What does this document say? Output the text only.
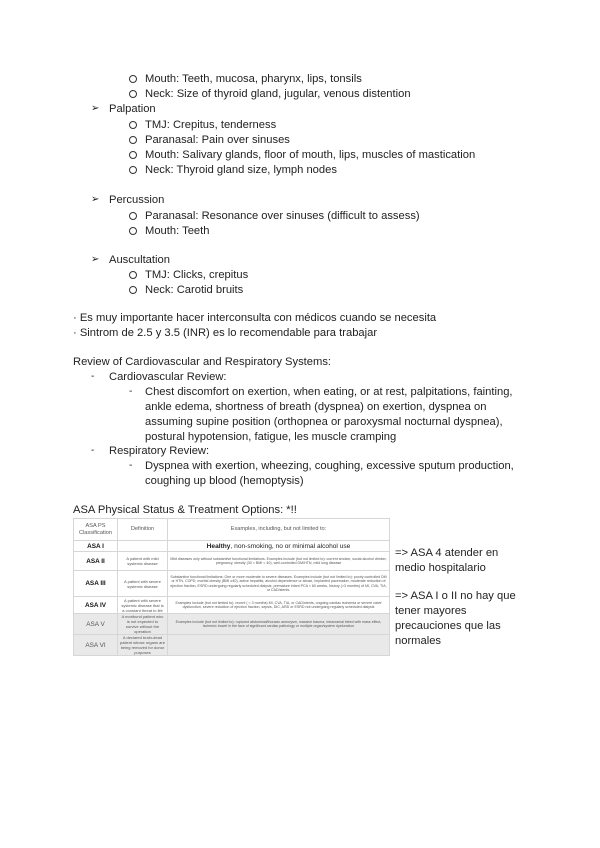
Mouth: Teeth, mucosa, pharynx, lips, tonsils
Neck: Size of thyroid gland, jugular, venous distention
➢ Palpation
TMJ: Crepitus, tenderness
Paranasal: Pain over sinuses
Mouth: Salivary glands, floor of mouth, lips, muscles of mastication
Neck: Thyroid gland size, lymph nodes
➢ Percussion
Paranasal: Resonance over sinuses (difficult to assess)
Mouth: Teeth
➢ Auscultation
TMJ: Clicks, crepitus
Neck: Carotid bruits
· Es muy importante hacer interconsulta con médicos cuando se necesita
· Sintrom de 2.5 y 3.5 (INR) es lo recomendable para trabajar
Review of Cardiovascular and Respiratory Systems:
- Cardiovascular Review:
- Chest discomfort on exertion, when eating, or at rest, palpitations, fainting,
ankle edema, shortness of breath (dyspnea) on exertion, dyspnea on
assuming supine position (orthopnea or paroxysmal nocturnal dyspnea),
postural hypotension, fatigue, les muscle cramping
- Respiratory Review:
- Dyspnea with exertion, wheezing, coughing, excessive sputum production,
coughing up blood (hemoptysis)
ASA Physical Status & Treatment Options: *!!
ASA PS Classification	Definition	Examples, including, but not limited to:
ASA I		Healthy, non-smoking, no or minimal alcohol use
ASA II	A patient with mild systemic disease	Mild diseases only without substantive functional limitations. Examples include (but not limited to): current smoker, social alcohol drinker, pregnancy, obesity (30 < BMI < 40), well-controlled DM/HTN, mild lung disease
ASA III	A patient with severe systemic disease	Substantive functional limitations; One or more moderate to severe diseases. Examples include (but not limited to): poorly controlled DM or HTN, COPD, morbid obesity (BMI ≥40), active hepatitis, alcohol dependence or abuse, implanted pacemaker, moderate reduction of ejection fraction, ESRD undergoing regularly scheduled dialysis, premature infant PCA < 60 weeks, history (>3 months) of MI, CVA, TIA, or CAD/stents.
ASA IV	A patient with severe systemic disease that is a constant threat to life	Examples include (but not limited to): recent ( < 3 months) MI, CVA, TIA, or CAD/stents, ongoing cardiac ischemia or severe valve dysfunction, severe reduction of ejection fraction, sepsis, DIC, ARD or ESRD not undergoing regularly scheduled dialysis
ASA V	A moribund patient who is not expected to survive without the operation	Examples include (but not limited to): ruptured abdominal/thoracic aneurysm, massive trauma, intracranial bleed with mass effect, ischemic bowel in the face of significant cardiac pathology or multiple organ/system dysfunction
ASA VI	A declared brain-dead patient whose organs are being removed for donor purposes	
=> ASA 4 atender en
medio hospitalario
=> ASA I o II no hay que
tener mayores
precauciones que las
normales
